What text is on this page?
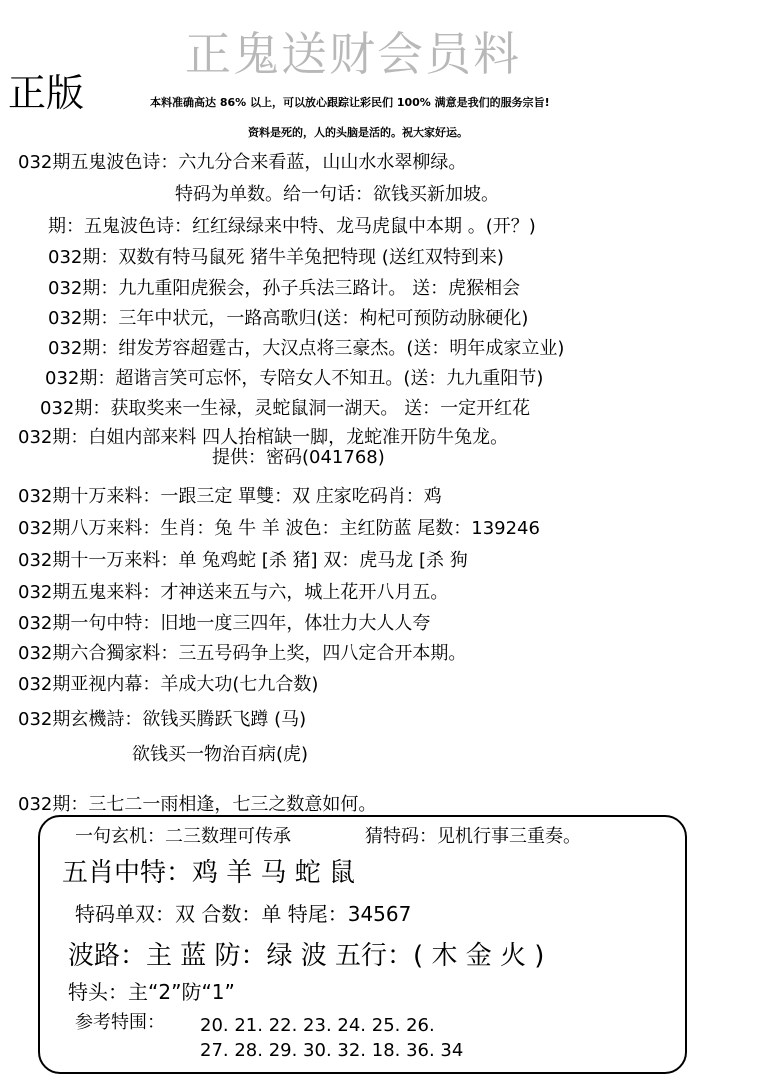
正鬼送财会员料
正版	本料准确高达 86% 以上，可以放心跟踪让彩民们 100% 满意是我们的服务宗旨!
资料是死的，人的头脑是活的。祝大家好运。
032期五鬼波色诗：六九分合来看蓝，山山水水翠柳绿。
特码为单数。给一句话：欲钱买新加坡。
期：五鬼波色诗：红红绿绿来中特、龙马虎鼠中本期 。(开？)
032期：双数有特马鼠死 猪牛羊兔把特现 (送红双特到来)
032期：九九重阳虎猴会，孙子兵法三路计。 送：虎猴相会
032期：三年中状元，一路高歌归(送：枸杞可预防动脉硬化)
032期：绀发芳容超霆古，大汉点将三豪杰。(送：明年成家立业)
032期：超谐言笑可忘怀，专陪女人不知丑。(送：九九重阳节)
032期：获取奖来一生禄，灵蛇鼠洞一湖天。 送：一定开红花
032期：白姐内部来料 四人抬棺缺一脚，龙蛇准开防牛兔龙。
提供：密码(041768)
032期十万来料：一跟三定 單雙：双 庄家吃码肖：鸡
032期八万来料：生肖：兔 牛 羊 波色：主红防蓝 尾数：139246
032期十一万来料：单 兔鸡蛇 [杀 猪] 双：虎马龙 [杀 狗
032期五鬼来料：才神送来五与六，城上花开八月五。
032期一句中特：旧地一度三四年，体壮力大人人夸
032期六合獨家料：三五号码争上奖，四八定合开本期。
032期亚视内幕：羊成大功(七九合数)
032期玄機詩：欲钱买腾跃飞蹲 (马)
欲钱买一物治百病(虎)
032期：三七二一雨相逢，七三之数意如何。
一句玄机：二三数理可传承	猜特码：见机行事三重奏。
五肖中特：鸡 羊 马 蛇 鼠
特码单双：双 合数：单 特尾：34567
波路：主 蓝 防：绿 波 五行：( 木 金 火 )
特头：主“2”防“1”
参考特围： 20. 21. 22. 23. 24. 25. 26.
27. 28. 29. 30. 32. 18. 36. 34
